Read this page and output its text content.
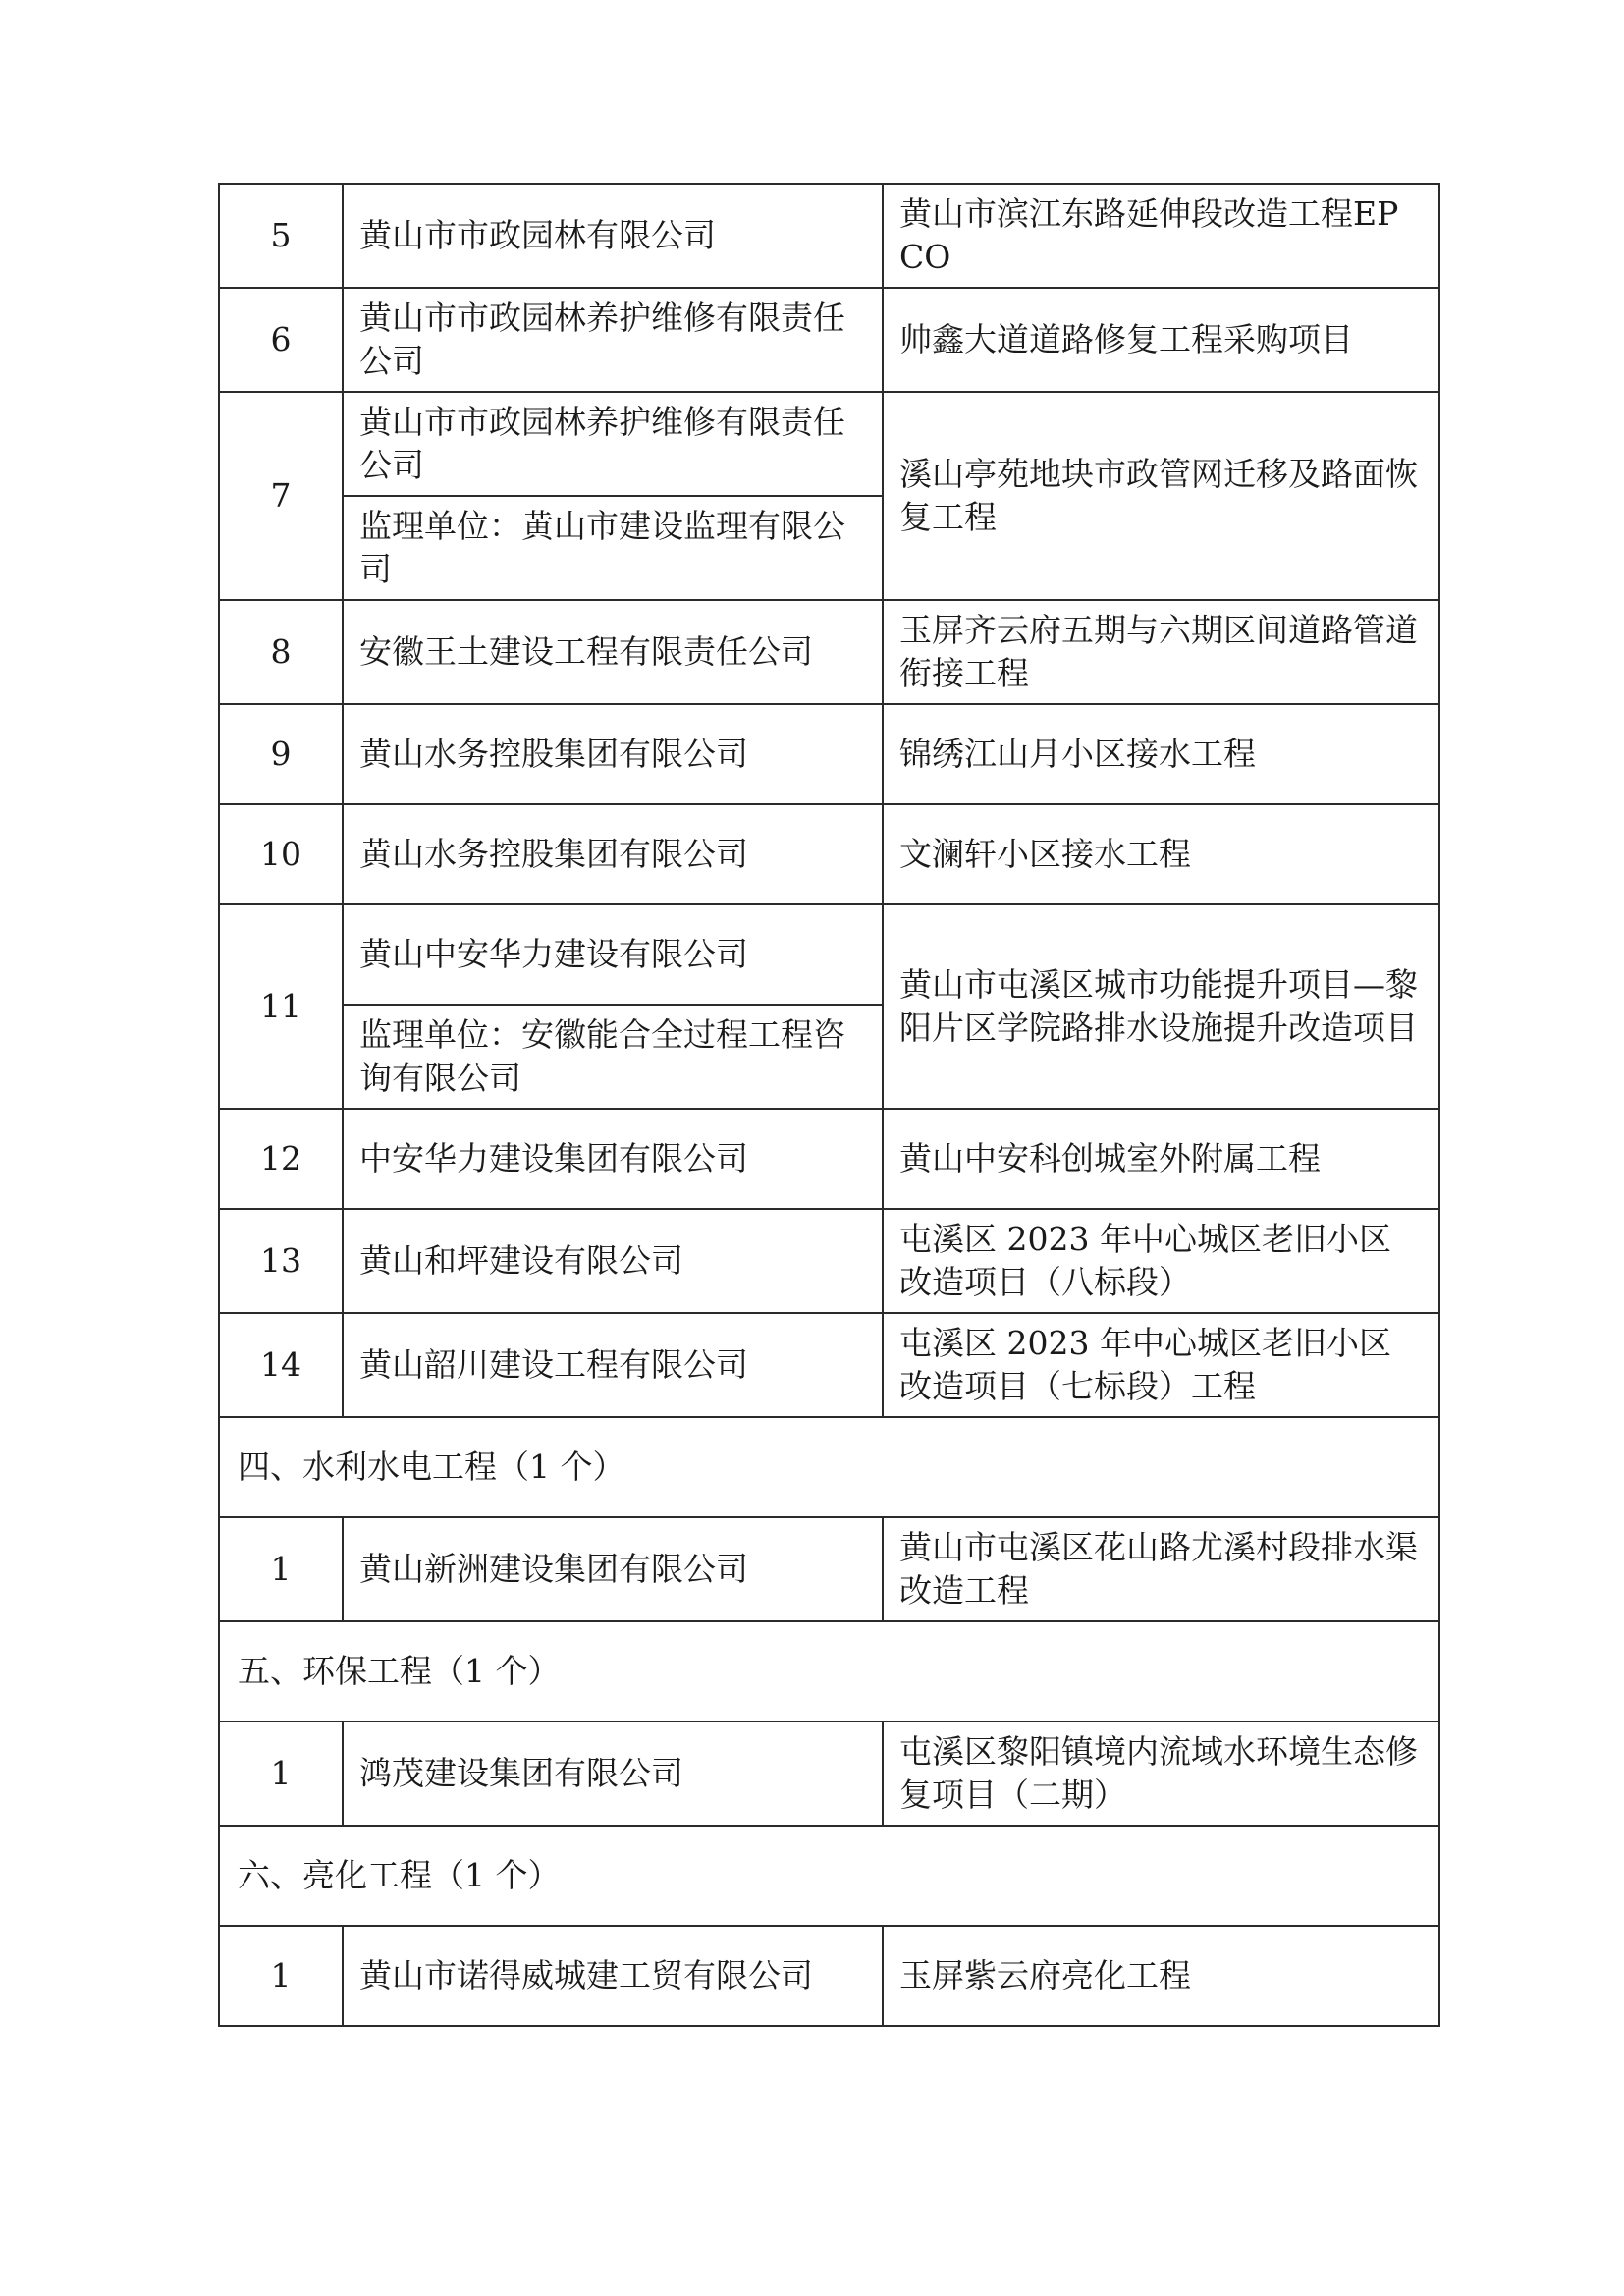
5	黄山市市政园林有限公司	黄山市滨江东路延伸段改造工程EPCO
6	黄山市市政园林养护维修有限责任公司	帅鑫大道道路修复工程采购项目
7	黄山市市政园林养护维修有限责任公司	溪山亭苑地块市政管网迁移及路面恢复工程
	监理单位：黄山市建设监理有限公司	
8	安徽王土建设工程有限责任公司	玉屏齐云府五期与六期区间道路管道衔接工程
9	黄山水务控股集团有限公司	锦绣江山月小区接水工程
10	黄山水务控股集团有限公司	文澜轩小区接水工程
11	黄山中安华力建设有限公司	黄山市屯溪区城市功能提升项目—黎阳片区学院路排水设施提升改造项目
	监理单位：安徽能合全过程工程咨询有限公司	
12	中安华力建设集团有限公司	黄山中安科创城室外附属工程
13	黄山和坪建设有限公司	屯溪区 2023 年中心城区老旧小区改造项目（八标段）
14	黄山韶川建设工程有限公司	屯溪区 2023 年中心城区老旧小区改造项目（七标段）工程
四、水利水电工程（1 个）		
1	黄山新洲建设集团有限公司	黄山市屯溪区花山路尤溪村段排水渠改造工程
五、环保工程（1 个）		
1	鸿茂建设集团有限公司	屯溪区黎阳镇境内流域水环境生态修复项目（二期）
六、亮化工程（1 个）		
1	黄山市诺得威城建工贸有限公司	玉屏紫云府亮化工程
